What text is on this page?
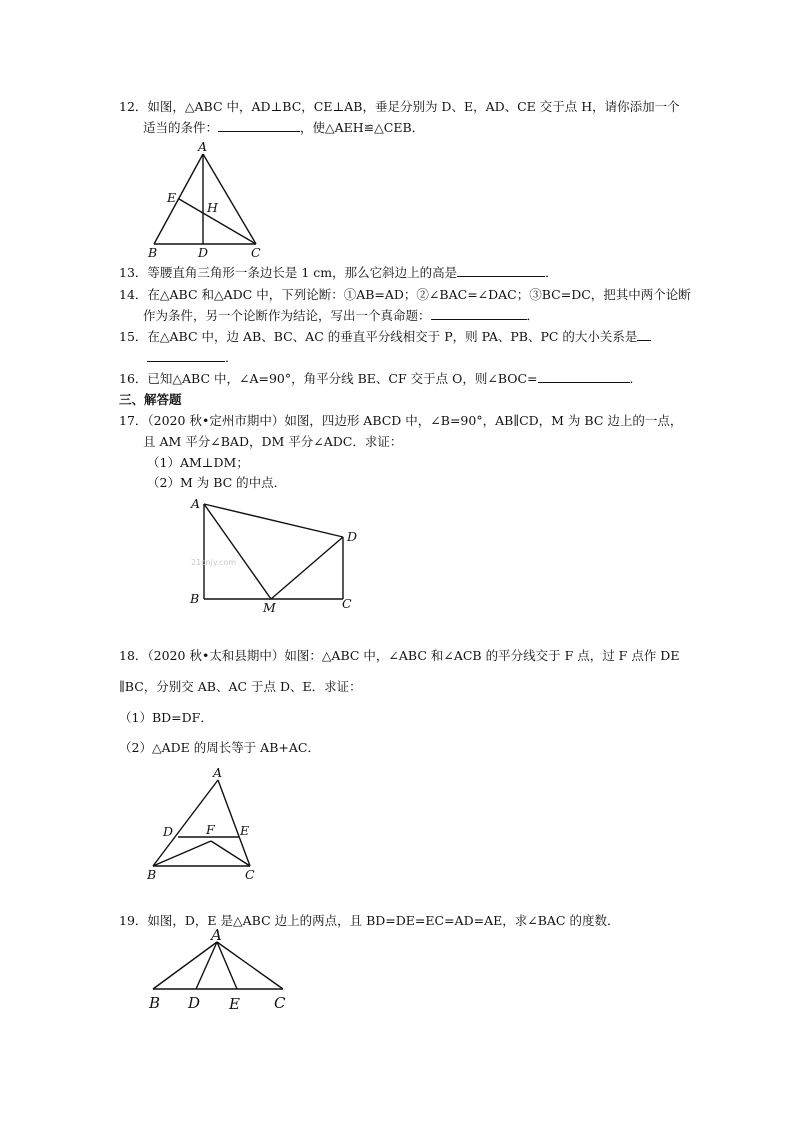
12．如图，△ABC 中，AD⊥BC，CE⊥AB，垂足分别为 D、E，AD、CE 交于点 H，请你添加一个
适当的条件：	，使△AEH≌△CEB．
A
E
H
B	D	C
13．等腰直角三角形一条边长是 1 cm，那么它斜边上的高是	．
14．在△ABC 和△ADC 中，下列论断：①AB=AD；②∠BAC=∠DAC；③BC=DC，把其中两个论断
作为条件，另一个论断作为结论，写出一个真命题：	．
15．在△ABC 中，边 AB、BC、AC 的垂直平分线相交于 P，则 PA、PB、PC 的大小关系是
．
16．已知△ABC 中，∠A=90°，角平分线 BE、CF 交于点 O，则∠BOC=	．
三、解答题
17．（2020 秋•定州市期中）如图，四边形 ABCD 中，∠B=90°，AB∥CD，M 为 BC 边上的一点，
且 AM 平分∠BAD，DM 平分∠ADC．求证：
（1）AM⊥DM；
（2）M 为 BC 的中点．
A
D
B
M	C
21cnjy.com
18．（2020 秋•太和县期中）如图：△ABC 中，∠ABC 和∠ACB 的平分线交于 F 点，过 F 点作 DE
∥BC，分别交 AB、AC 于点 D、E．求证：
（1）BD=DF．
（2）△ADE 的周长等于 AB+AC．
A
D	F E
B	C
19．如图，D，E 是△ABC 边上的两点，且 BD=DE=EC=AD=AE，求∠BAC 的度数．
A
B D E C
